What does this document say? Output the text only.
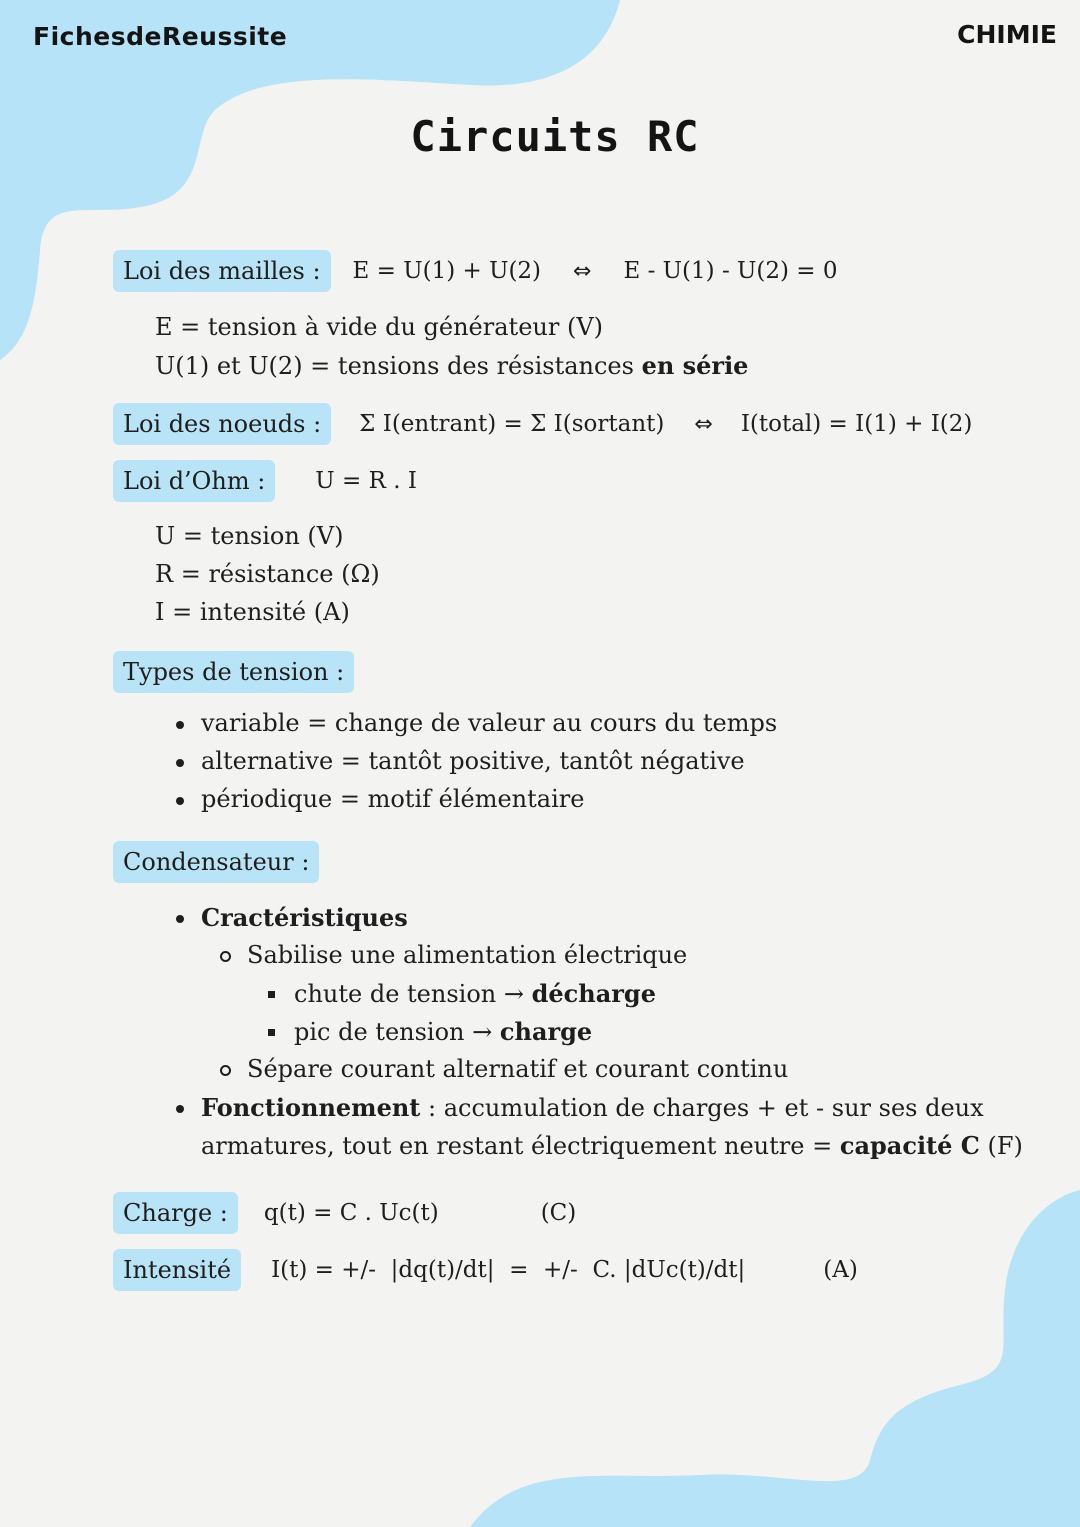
FichesdeReussite	CHIMIE
Circuits RC
Loi des mailles :	E = U(1) + U(2) ⇔ E - U(1) - U(2) = 0
E = tension à vide du générateur (V)
U(1) et U(2) = tensions des résistances en série
Loi des noeuds :	Σ I(entrant) = Σ I(sortant) ⇔ I(total) = I(1) + I(2)
Loi d’Ohm :	U = R . I
U = tension (V)
R = résistance (Ω)
I = intensité (A)
Types de tension :
variable = change de valeur au cours du temps
alternative = tantôt positive, tantôt négative
périodique = motif élémentaire
Condensateur :
Cractéristiques
Sabilise une alimentation électrique
chute de tension → décharge
pic de tension → charge
Sépare courant alternatif et courant continu
Fonctionnement : accumulation de charges + et - sur ses deux
armatures, tout en restant électriquement neutre = capacité C (F)
Charge :	q(t) = C . Uc(t)	(C)
Intensité	I(t) = +/-  |dq(t)/dt|  =  +/-  C. |dUc(t)/dt|	(A)
